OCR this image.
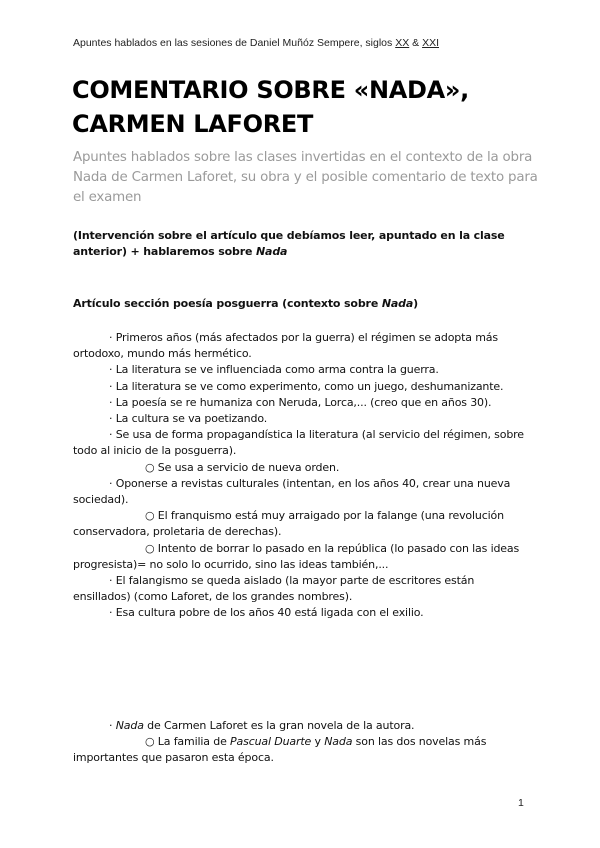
Apuntes hablados en las sesiones de Daniel Muñóz Sempere, siglos XX & XXI
COMENTARIO SOBRE «NADA», CARMEN LAFORET

Apuntes hablados sobre las clases invertidas en el contexto de la obra Nada de Carmen Laforet, su obra y el posible comentario de texto para el examen

(Intervención sobre el artículo que debíamos leer, apuntado en la clase anterior) + hablaremos sobre Nada

Artículo sección poesía posguerra (contexto sobre Nada)

· Primeros años (más afectados por la guerra) el régimen se adopta más ortodoxo, mundo más hermético.

· La literatura se ve influenciada como arma contra la guerra.

· La literatura se ve como experimento, como un juego, deshumanizante.

· La poesía se re humaniza con Neruda, Lorca,... (creo que en años 30).

· La cultura se va poetizando.

· Se usa de forma propagandística la literatura (al servicio del régimen, sobre todo al inicio de la posguerra).

○ Se usa a servicio de nueva orden.

· Oponerse a revistas culturales (intentan, en los años 40, crear una nueva sociedad).

○ El franquismo está muy arraigado por la falange (una revolución conservadora, proletaria de derechas).

○ Intento de borrar lo pasado en la república (lo pasado con las ideas progresista)= no solo lo ocurrido, sino las ideas también,...

· El falangismo se queda aislado (la mayor parte de escritores están ensillados) (como Laforet, de los grandes nombres).

· Esa cultura pobre de los años 40 está ligada con el exilio.

· Nada de Carmen Laforet es la gran novela de la autora.

○ La familia de Pascual Duarte y Nada son las dos novelas más importantes que pasaron esta época.

1
